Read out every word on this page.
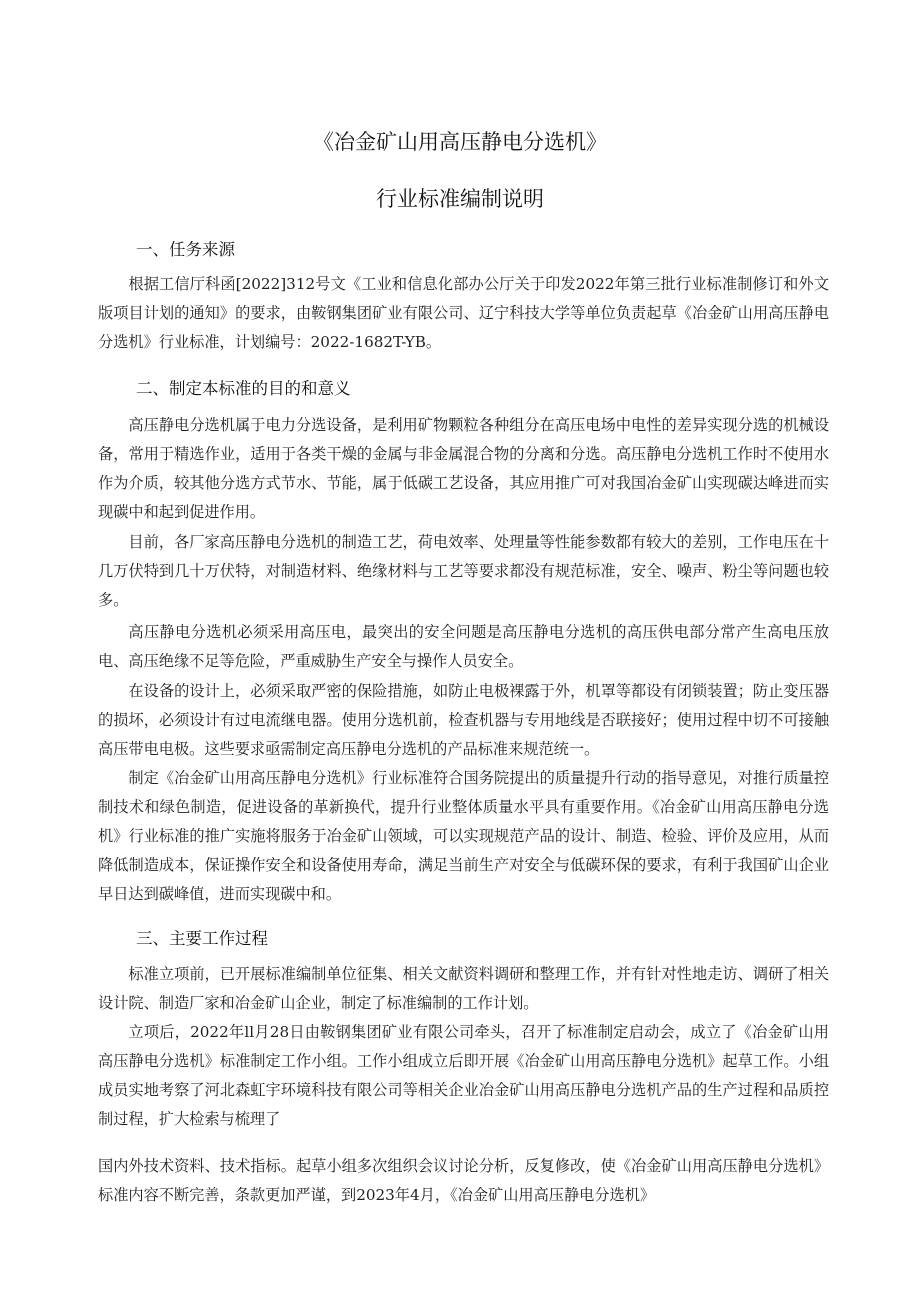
《冶金矿山用高压静电分选机》
行业标准编制说明
一、任务来源
根据工信厅科函[2022]312号文《工业和信息化部办公厅关于印发2022年第三批行业标准制修订和外文版项目计划的通知》的要求，由鞍钢集团矿业有限公司、辽宁科技大学等单位负责起草《冶金矿山用高压静电分选机》行业标准，计划编号：2022-1682T-YB。
二、制定本标准的目的和意义
高压静电分选机属于电力分选设备，是利用矿物颗粒各种组分在高压电场中电性的差异实现分选的机械设备，常用于精选作业，适用于各类干燥的金属与非金属混合物的分离和分选。高压静电分选机工作时不使用水作为介质，较其他分选方式节水、节能，属于低碳工艺设备，其应用推广可对我国冶金矿山实现碳达峰进而实现碳中和起到促进作用。
目前，各厂家高压静电分选机的制造工艺，荷电效率、处理量等性能参数都有较大的差别，工作电压在十几万伏特到几十万伏特，对制造材料、绝缘材料与工艺等要求都没有规范标准，安全、噪声、粉尘等问题也较多。
高压静电分选机必须采用高压电，最突出的安全问题是高压静电分选机的高压供电部分常产生高电压放电、高压绝缘不足等危险，严重威胁生产安全与操作人员安全。
在设备的设计上，必须采取严密的保险措施，如防止电极裸露于外，机罩等都设有闭锁装置；防止变压器的损坏，必须设计有过电流继电器。使用分选机前，检查机器与专用地线是否联接好；使用过程中切不可接触高压带电电极。这些要求亟需制定高压静电分选机的产品标准来规范统一。
制定《冶金矿山用高压静电分选机》行业标准符合国务院提出的质量提升行动的指导意见，对推行质量控制技术和绿色制造，促进设备的革新换代，提升行业整体质量水平具有重要作用。《冶金矿山用高压静电分选机》行业标准的推广实施将服务于冶金矿山领域，可以实现规范产品的设计、制造、检验、评价及应用，从而降低制造成本，保证操作安全和设备使用寿命，满足当前生产对安全与低碳环保的要求，有利于我国矿山企业早日达到碳峰值，进而实现碳中和。
三、主要工作过程
标准立项前，已开展标准编制单位征集、相关文献资料调研和整理工作，并有针对性地走访、调研了相关设计院、制造厂家和冶金矿山企业，制定了标准编制的工作计划。
立项后，2022年ll月28日由鞍钢集团矿业有限公司牵头，召开了标准制定启动会，成立了《冶金矿山用高压静电分选机》标准制定工作小组。工作小组成立后即开展《冶金矿山用高压静电分选机》起草工作。小组成员实地考察了河北森虹宇环境科技有限公司等相关企业冶金矿山用高压静电分选机产品的生产过程和品质控制过程，扩大检索与梳理了
国内外技术资料、技术指标。起草小组多次组织会议讨论分析，反复修改，使《冶金矿山用高压静电分选机》标准内容不断完善，条款更加严谨，到2023年4月，《冶金矿山用高压静电分选机》
